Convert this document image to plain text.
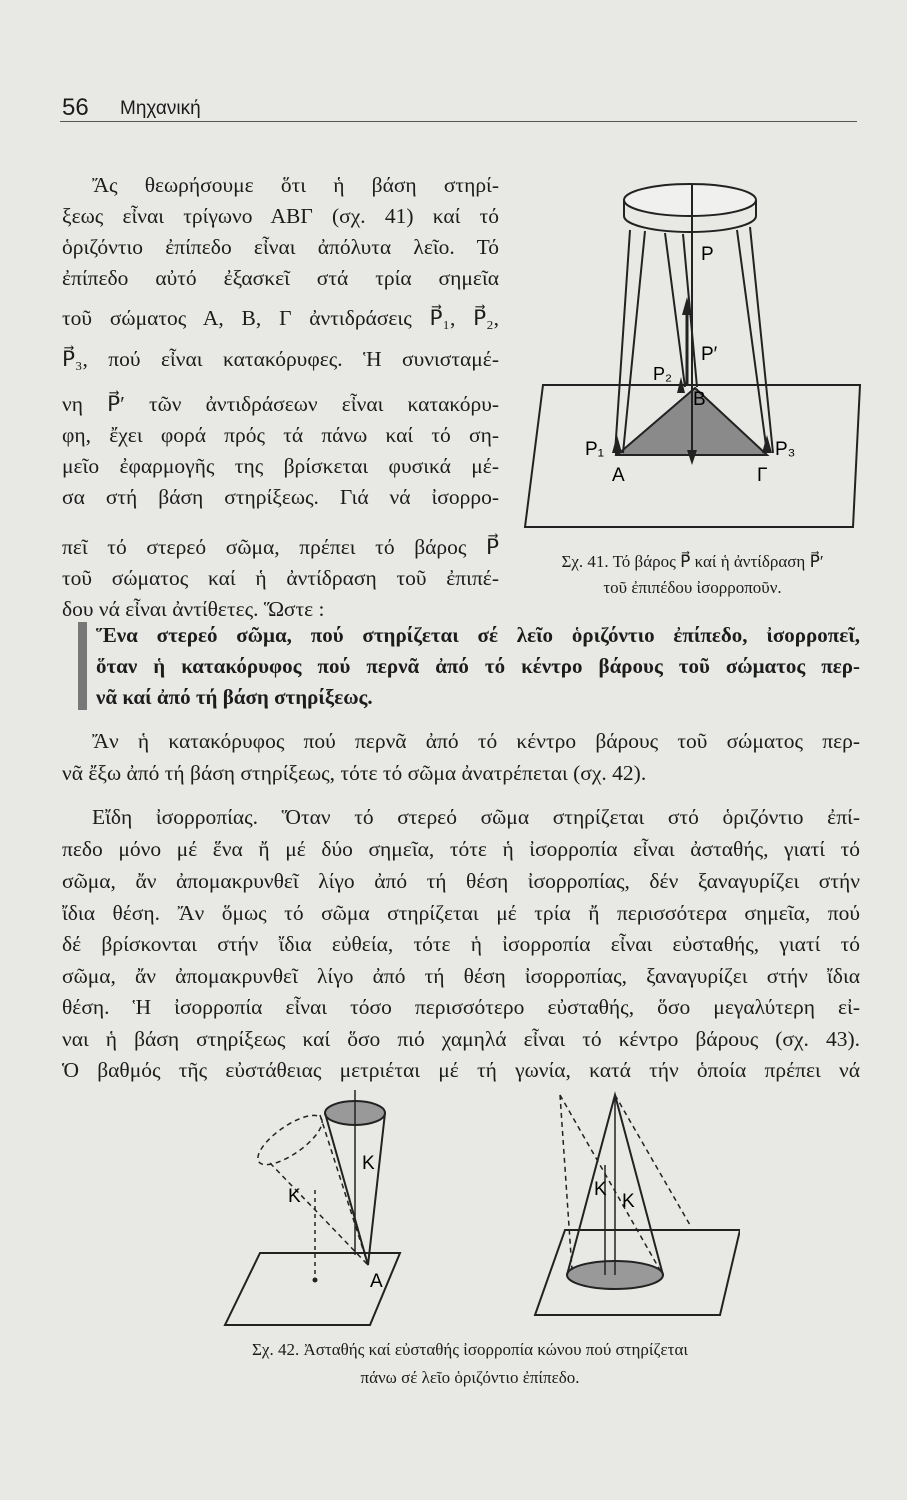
56 Μηχανική
Ἄς θεωρήσουμε ὅτι ἡ βάση στηρί-
ξεως εἶναι τρίγωνο ΑΒΓ (σχ. 41) καί τό
ὁριζόντιο ἐπίπεδο εἶναι ἀπόλυτα λεῖο. Τό
ἐπίπεδο αὐτό ἐξασκεῖ στά τρία σημεῖα
τοῦ σώματος Α, Β, Γ ἀντιδράσεις P⃗₁, P⃗₂,
P⃗₃, πού εἶναι κατακόρυφες. Ἡ συνισταμέ-
νη P⃗′ τῶν ἀντιδράσεων εἶναι κατακόρυ-
φη, ἔχει φορά πρός τά πάνω καί τό ση-
μεῖο ἐφαρμογῆς της βρίσκεται φυσικά μέ-
σα στή βάση στηρίξεως. Γιά νά ἰσορρο-
πεῖ τό στερεό σῶμα, πρέπει τό βάρος P⃗
τοῦ σώματος καί ἡ ἀντίδραση τοῦ ἐπιπέ-
δου νά εἶναι ἀντίθετες. Ὥστε :
P
P′
P₂
Β
P₁	P₃
Α	Γ
Σχ. 41. Τό βάρος P⃗ καί ἡ ἀντίδραση P⃗′
τοῦ ἐπιπέδου ἰσορροποῦν.
Ἕνα στερεό σῶμα, πού στηρίζεται σέ λεῖο ὁριζόντιο ἐπίπεδο, ἰσορροπεῖ,
ὅταν ἡ κατακόρυφος πού περνᾶ ἀπό τό κέντρο βάρους τοῦ σώματος περ-
νᾶ καί ἀπό τή βάση στηρίξεως.
Ἄν ἡ κατακόρυφος πού περνᾶ ἀπό τό κέντρο βάρους τοῦ σώματος περ-
νᾶ ἔξω ἀπό τή βάση στηρίξεως, τότε τό σῶμα ἀνατρέπεται (σχ. 42).
Εἴδη ἰσορροπίας. Ὅταν τό στερεό σῶμα στηρίζεται στό ὁριζόντιο ἐπί-
πεδο μόνο μέ ἕνα ἤ μέ δύο σημεῖα, τότε ἡ ἰσορροπία εἶναι ἀσταθής, γιατί τό
σῶμα, ἄν ἀπομακρυνθεῖ λίγο ἀπό τή θέση ἰσορροπίας, δέν ξαναγυρίζει στήν
ἴδια θέση. Ἄν ὅμως τό σῶμα στηρίζεται μέ τρία ἤ περισσότερα σημεῖα, πού
δέ βρίσκονται στήν ἴδια εὐθεία, τότε ἡ ἰσορροπία εἶναι εὐσταθής, γιατί τό
σῶμα, ἄν ἀπομακρυνθεῖ λίγο ἀπό τή θέση ἰσορροπίας, ξαναγυρίζει στήν ἴδια
θέση. Ἡ ἰσορροπία εἶναι τόσο περισσότερο εὐσταθής, ὅσο μεγαλύτερη εἰ-
ναι ἡ βάση στηρίξεως καί ὅσο πιό χαμηλά εἶναι τό κέντρο βάρους (σχ. 43).
Ὁ βαθμός τῆς εὐστάθειας μετριέται μέ τή γωνία, κατά τήν ὁποία πρέπει νά
Κ
Κ
Α
Κ
Κ
Σχ. 42. Ἀσταθής καί εὐσταθής ἰσορροπία κώνου πού στηρίζεται
πάνω σέ λεῖο ὁριζόντιο ἐπίπεδο.
